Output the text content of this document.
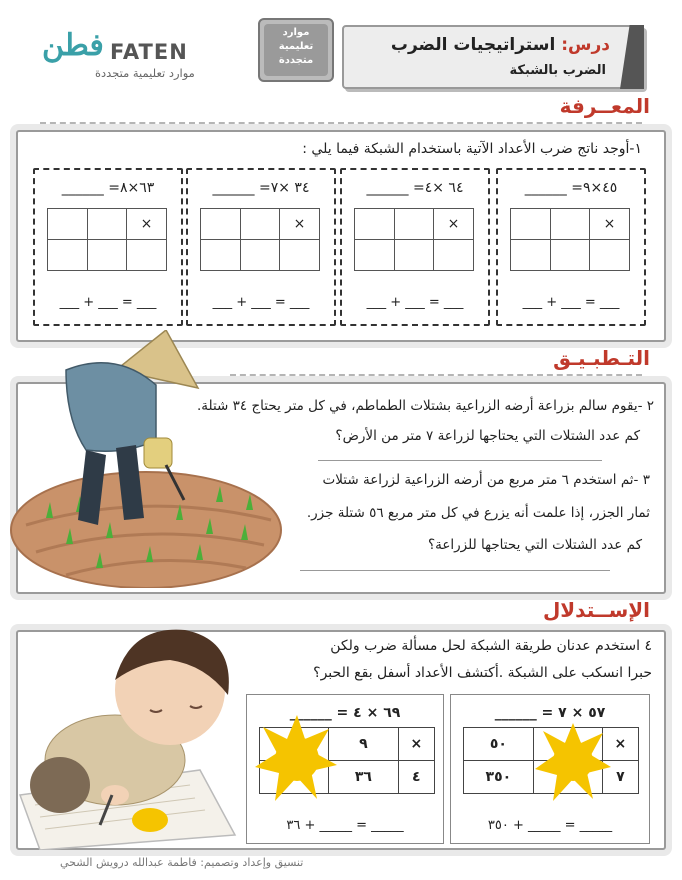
درس: استراتيجيات الضرب
الضرب بالشبكة
موارد
تعليمية
متجددة
فطن FATEN
موارد تعليمية متجددة
المعــرفة
١-أوجد ناتج ضرب الأعداد الآتية باستخدام الشبكة فيما يلي :
٤٥×٩= ______
		×

___ = ___ + ___
٦٤ ×٤= ______
		×

___ = ___ + ___
٣٤ ×٧= ______
		×

___ = ___ + ___
٦٣×٨= ______
		×

___ = ___ + ___
التـطبـيـق
٢ -يقوم سالم بزراعة أرضه الزراعية بشتلات الطماطم، في كل متر يحتاج ٣٤ شتلة.
كم عدد الشتلات التي يحتاجها لزراعة ٧ متر من الأرض؟
٣ -ثم استخدم ٦ متر مربع من أرضه الزراعية لزراعة شتلات
ثمار الجزر، إذا علمت أنه يزرع في كل متر مربع ٥٦ شتلة جزر.
كم عدد الشتلات التي يحتاجها للزراعة؟
الإســتدلال
٤ استخدم عدنان طريقة الشبكة لحل مسألة ضرب ولكن
حبرا انسكب على الشبكة .أكتشف الأعداد أسفل بقع الحبر؟
٥٧ × ٧ = ______
٥٠		×
٣٥٠		٧
_____ = _____ + ٣٥٠
٦٩ × ٤ = ______
	٩	×
	٣٦	٤
_____ = _____ + ٣٦
تنسيق وإعداد وتصميم: فاطمة عبدالله درويش الشحي
